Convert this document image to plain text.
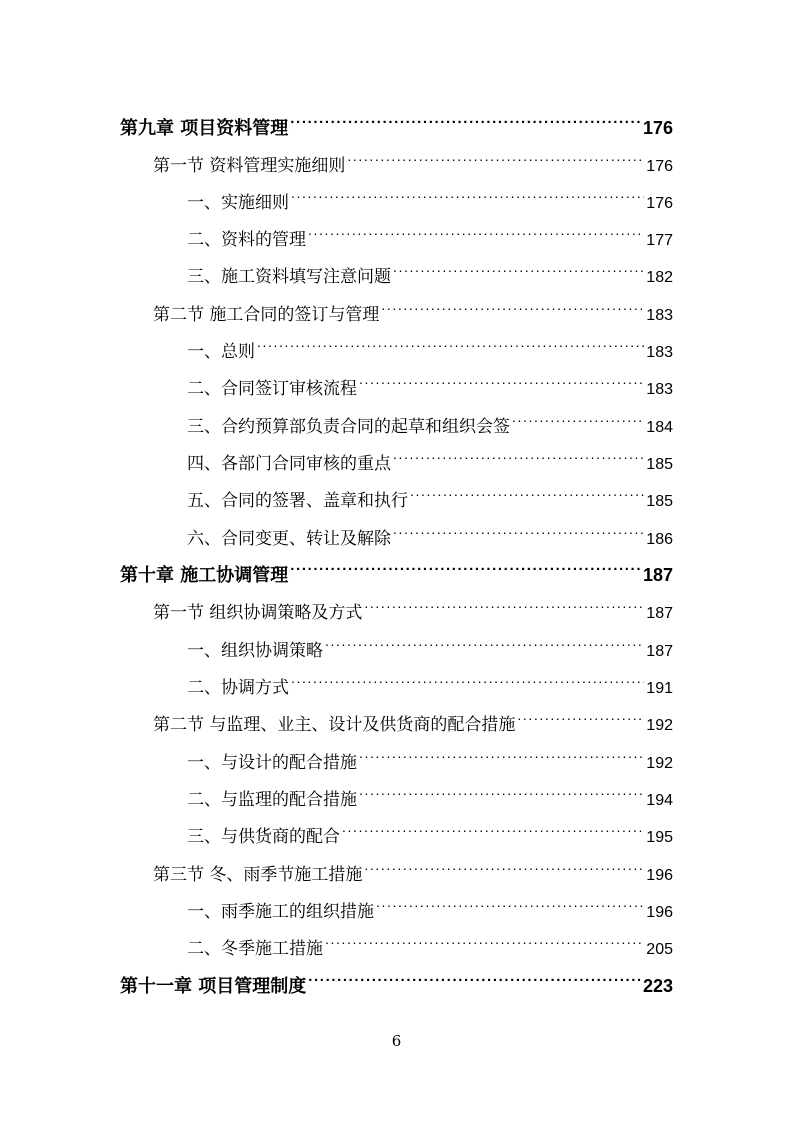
第九章 项目资料管理 .....	176
第一节 资料管理实施细则 .....	176
一、实施细则 .....	176
二、资料的管理 .....	177
三、施工资料填写注意问题 .....	182
第二节 施工合同的签订与管理 .....	183
一、总则 .....	183
二、合同签订审核流程 .....	183
三、合约预算部负责合同的起草和组织会签 .....	184
四、各部门合同审核的重点 .....	185
五、合同的签署、盖章和执行 .....	185
六、合同变更、转让及解除 .....	186
第十章 施工协调管理 .....	187
第一节 组织协调策略及方式 .....	187
一、组织协调策略 .....	187
二、协调方式 .....	191
第二节 与监理、业主、设计及供货商的配合措施 .....	192
一、与设计的配合措施 .....	192
二、与监理的配合措施 .....	194
三、与供货商的配合 .....	195
第三节 冬、雨季节施工措施 .....	196
一、雨季施工的组织措施 .....	196
二、冬季施工措施 .....	205
第十一章 项目管理制度 .....	223
6
